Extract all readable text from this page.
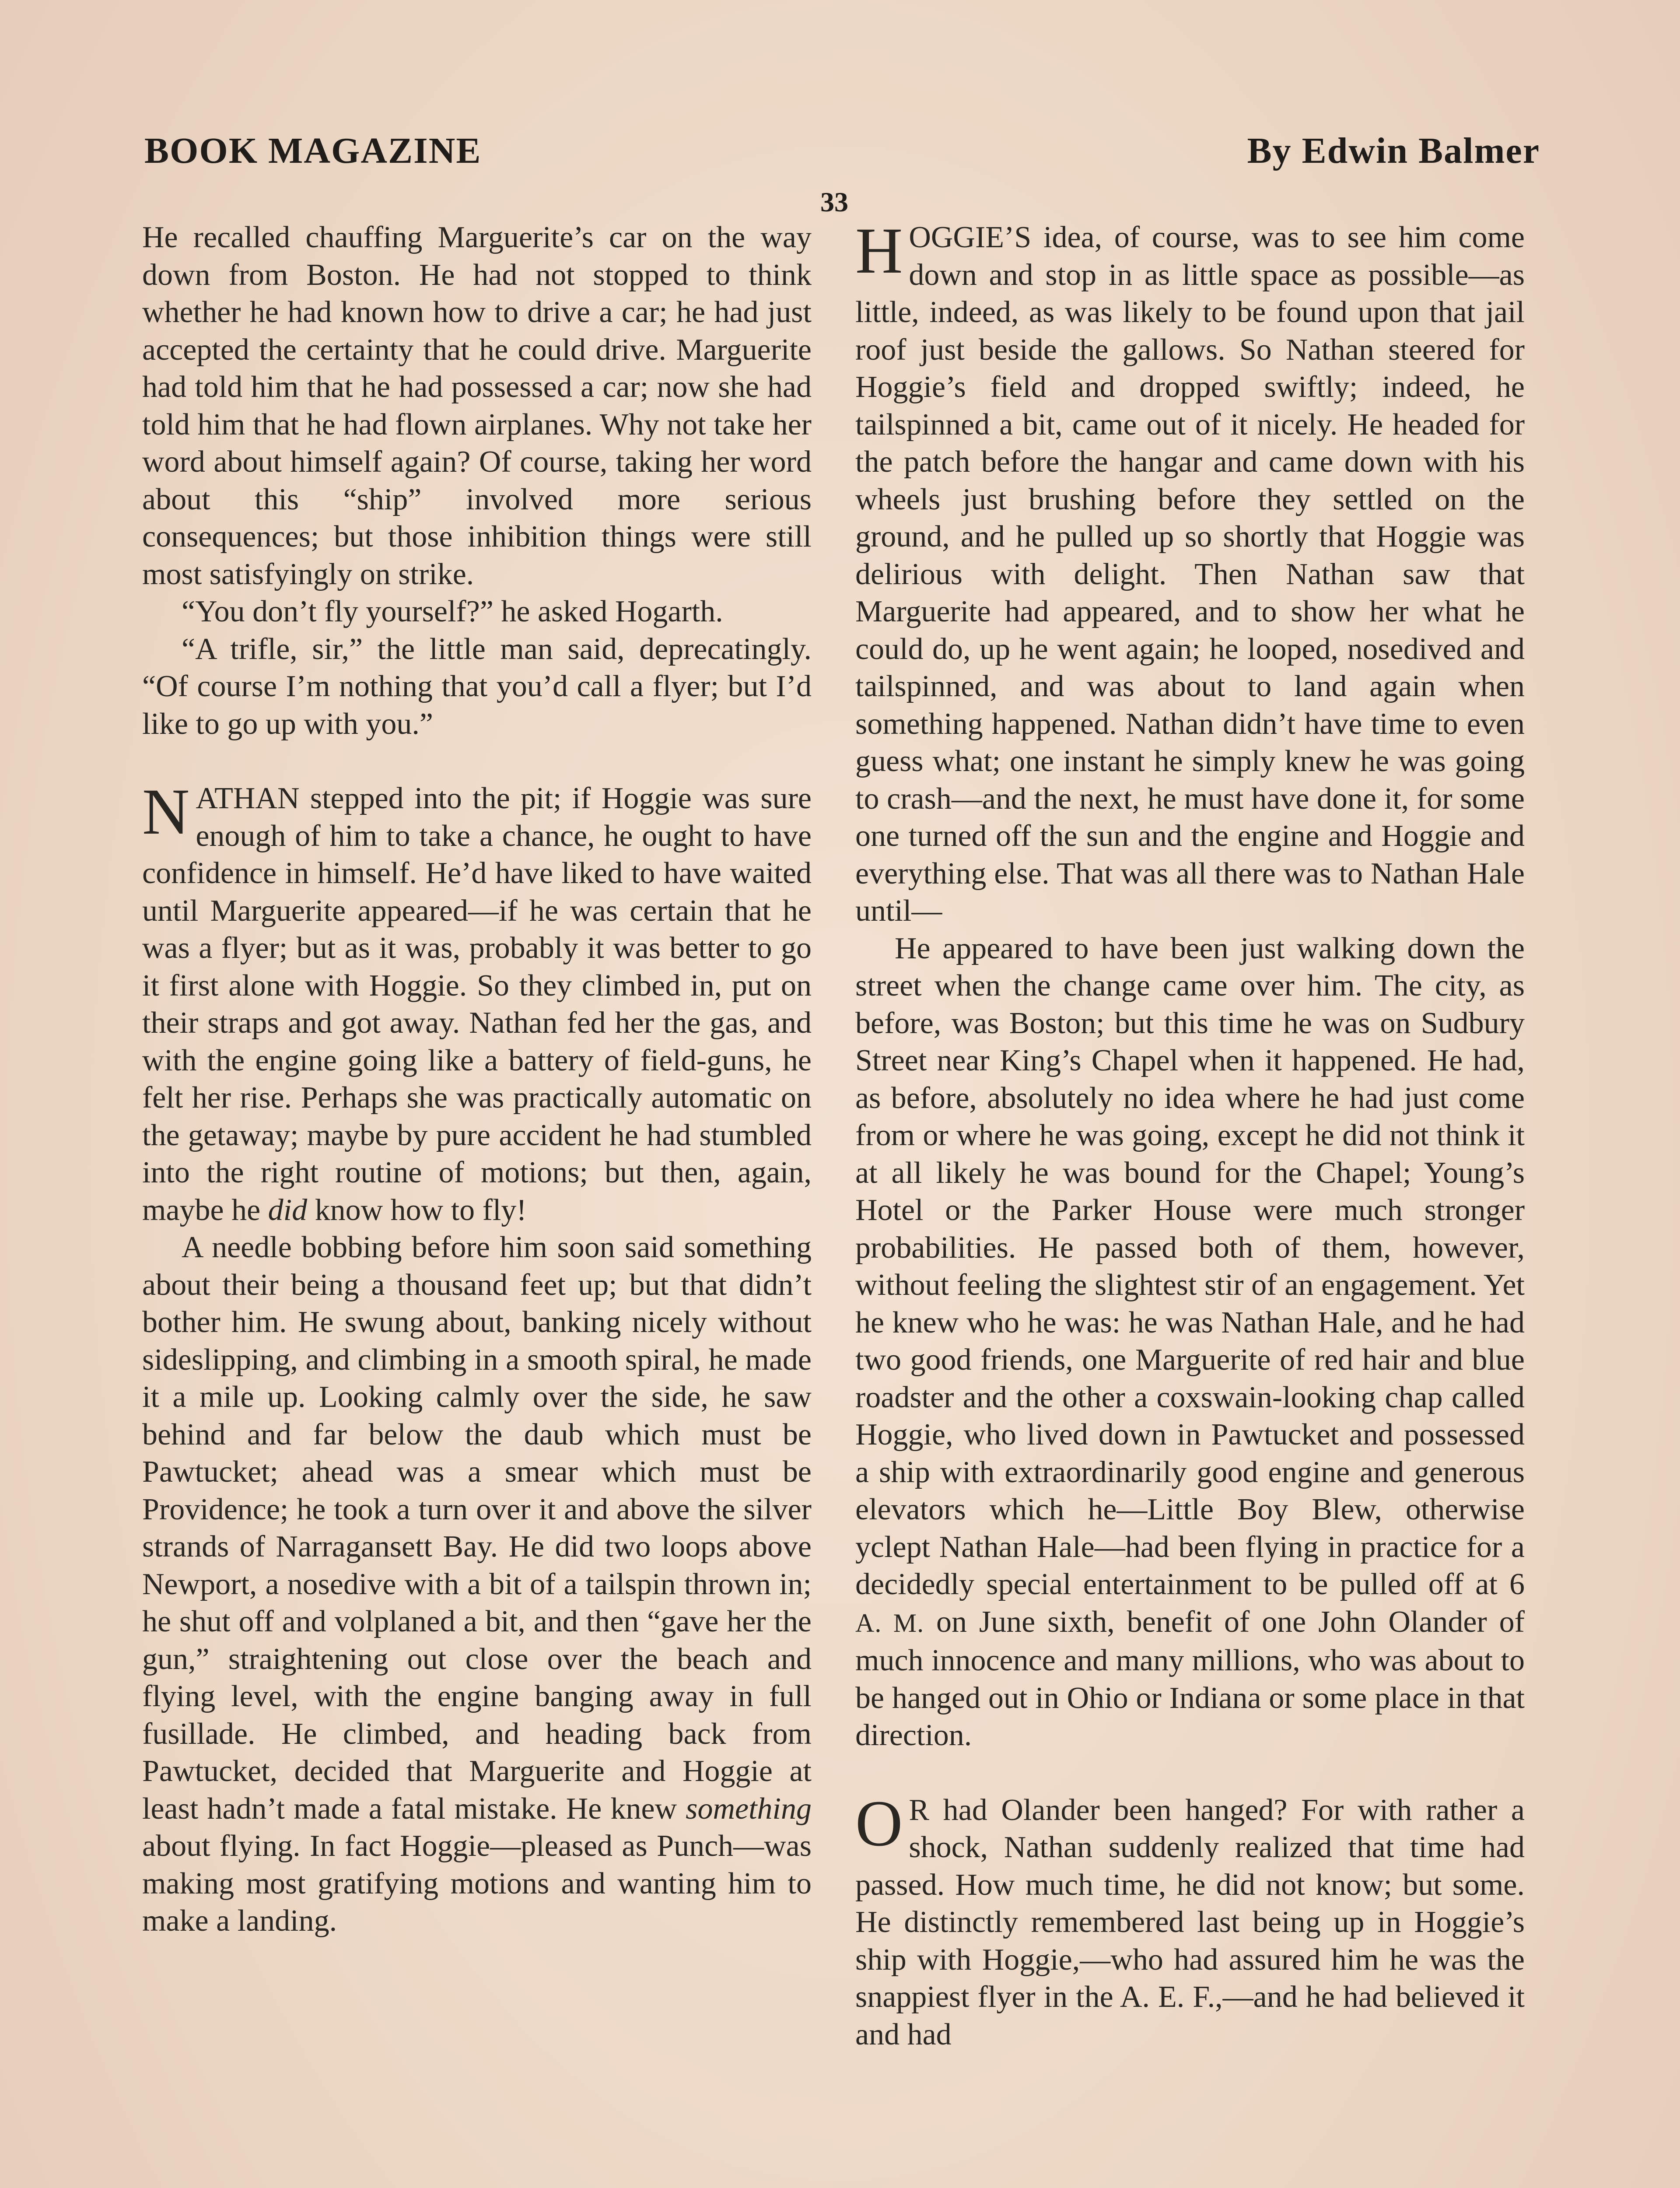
BOOK MAGAZINE	By Edwin Balmer
33

He recalled chauffing Marguerite’s car on the way down from Boston. He had not stopped to think whether he had known how to drive a car; he had just accepted the certainty that he could drive. Marguerite had told him that he had possessed a car; now she had told him that he had flown airplanes. Why not take her word about himself again? Of course, taking her word about this “ship” involved more serious consequences; but those inhibition things were still most satisfyingly on strike.

“You don’t fly yourself?” he asked Hogarth.

“A trifle, sir,” the little man said, deprecatingly. “Of course I’m nothing that you’d call a flyer; but I’d like to go up with you.”

NATHAN stepped into the pit; if Hoggie was sure enough of him to take a chance, he ought to have confidence in himself. He’d have liked to have waited until Marguerite appeared—if he was certain that he was a flyer; but as it was, probably it was better to go it first alone with Hoggie. So they climbed in, put on their straps and got away. Nathan fed her the gas, and with the engine going like a battery of field-guns, he felt her rise. Perhaps she was practically automatic on the getaway; maybe by pure accident he had stumbled into the right routine of motions; but then, again, maybe he did know how to fly!

A needle bobbing before him soon said something about their being a thousand feet up; but that didn’t bother him. He swung about, banking nicely without sideslipping, and climbing in a smooth spiral, he made it a mile up. Looking calmly over the side, he saw behind and far below the daub which must be Pawtucket; ahead was a smear which must be Providence; he took a turn over it and above the silver strands of Narragansett Bay. He did two loops above Newport, a nosedive with a bit of a tailspin thrown in; he shut off and volplaned a bit, and then “gave her the gun,” straightening out close over the beach and flying level, with the engine banging away in full fusillade. He climbed, and heading back from Pawtucket, decided that Marguerite and Hoggie at least hadn’t made a fatal mistake. He knew something about flying. In fact Hoggie—pleased as Punch—was making most gratifying motions and wanting him to make a landing.

HOGGIE’S idea, of course, was to see him come down and stop in as little space as possible—as little, indeed, as was likely to be found upon that jail roof just beside the gallows. So Nathan steered for Hoggie’s field and dropped swiftly; indeed, he tailspinned a bit, came out of it nicely. He headed for the patch before the hangar and came down with his wheels just brushing before they settled on the ground, and he pulled up so shortly that Hoggie was delirious with delight. Then Nathan saw that Marguerite had appeared, and to show her what he could do, up he went again; he looped, nosedived and tailspinned, and was about to land again when something happened. Nathan didn’t have time to even guess what; one instant he simply knew he was going to crash—and the next, he must have done it, for some one turned off the sun and the engine and Hoggie and everything else. That was all there was to Nathan Hale until—

He appeared to have been just walking down the street when the change came over him. The city, as before, was Boston; but this time he was on Sudbury Street near King’s Chapel when it happened. He had, as before, absolutely no idea where he had just come from or where he was going, except he did not think it at all likely he was bound for the Chapel; Young’s Hotel or the Parker House were much stronger probabilities. He passed both of them, however, without feeling the slightest stir of an engagement. Yet he knew who he was: he was Nathan Hale, and he had two good friends, one Marguerite of red hair and blue roadster and the other a coxswain-looking chap called Hoggie, who lived down in Pawtucket and possessed a ship with extraordinarily good engine and generous elevators which he—Little Boy Blew, otherwise yclept Nathan Hale—had been flying in practice for a decidedly special entertainment to be pulled off at 6 A. M. on June sixth, benefit of one John Olander of much innocence and many millions, who was about to be hanged out in Ohio or Indiana or some place in that direction.

O R had Olander been hanged? For with rather a shock, Nathan suddenly realized that time had passed. How much time, he did not know; but some. He distinctly remembered last being up in Hoggie’s ship with Hoggie,—who had assured him he was the snappiest flyer in the A. E. F.,—and he had believed it and had
